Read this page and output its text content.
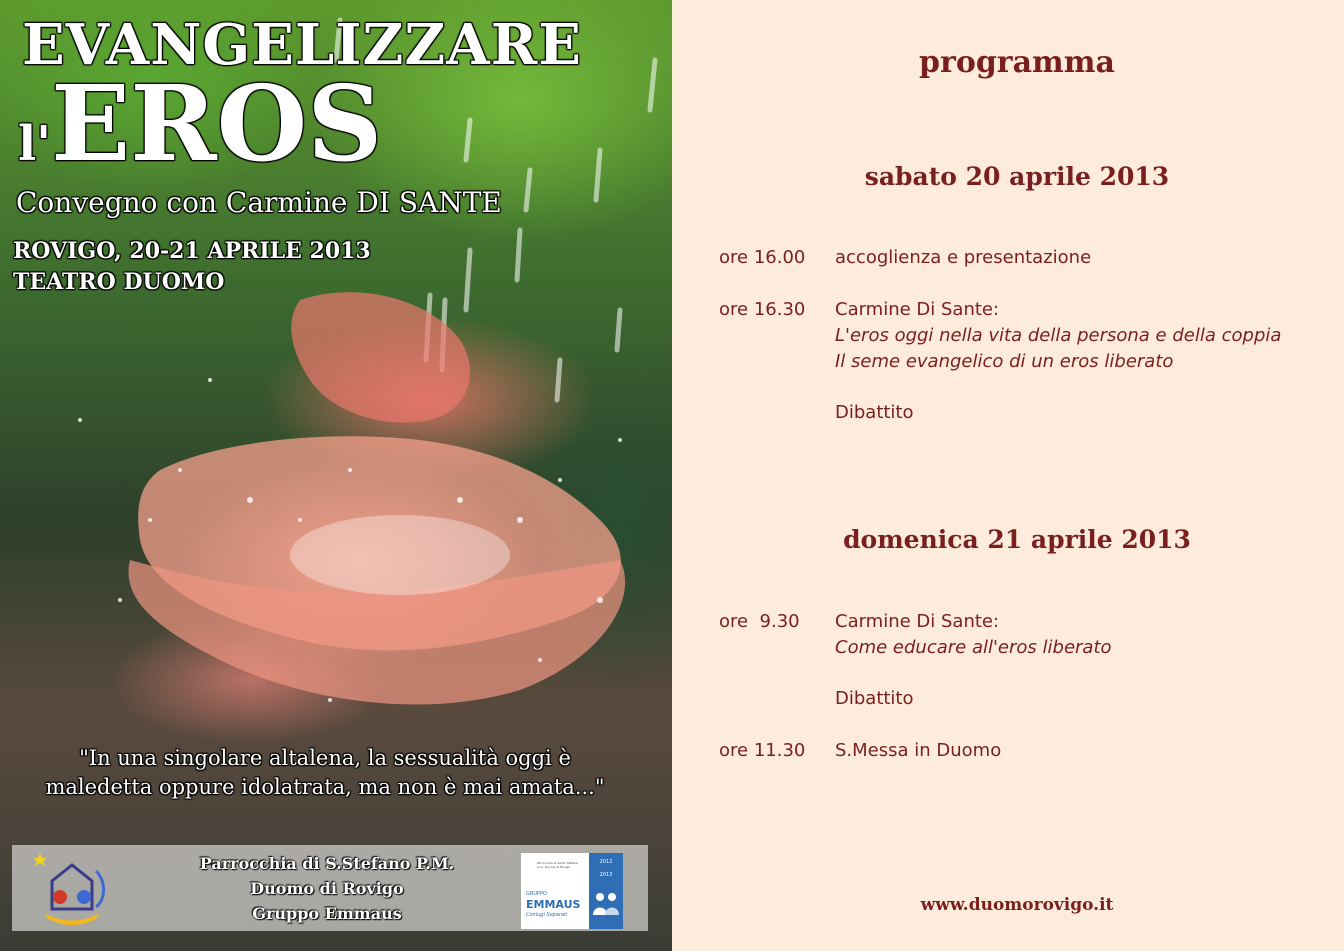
EVANGELIZZARE
l'EROS
Convegno con Carmine DI SANTE
ROVIGO, 20-21 APRILE 2013
TEATRO DUOMO
"In una singolare altalena, la sessualità oggi è
maledetta oppure idolatrata, ma non è mai amata..."
Parrocchia di S.Stefano P.M.
Duomo di Rovigo
Gruppo Emmaus
Parrocchia di Santo Stefano p.m. Duomo di Rovigo
GRUPPO
EMMAUS
Coniugi Separati
2012
2013
programma
sabato 20 aprile 2013
ore 16.00 accoglienza e presentazione
ore 16.30 Carmine Di Sante:
L'eros oggi nella vita della persona e della coppia
Il seme evangelico di un eros liberato
Dibattito
domenica 21 aprile 2013
ore  9.30 Carmine Di Sante:
Come educare all'eros liberato
Dibattito
ore 11.30 S.Messa in Duomo
www.duomorovigo.it
